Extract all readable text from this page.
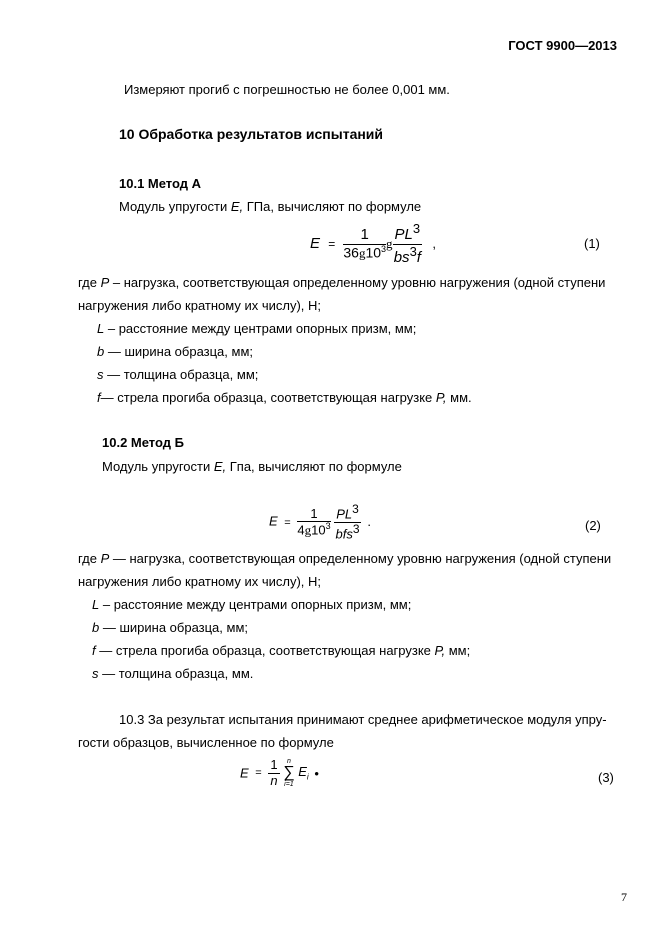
ГОСТ 9900—2013
Измеряют прогиб с погрешностью не более 0,001 мм.
10 Обработка результатов испытаний
10.1 Метод А
Модуль упругости E, ГПа, вычисляют по формуле
$E = \frac{1}{36g10^3}$ g $\frac{PL^3}{bs^3f}$ ,	(1)
где P – нагрузка, соответствующая определенному уровню нагружения (одной ступени
нагружения либо кратному их числу), Н;
L – расстояние между центрами опорных призм, мм;
b — ширина образца, мм;
s — толщина образца, мм;
f— стрела прогиба образца, соответствующая нагрузке P, мм.
10.2 Метод Б
Модуль упругости E, Гпа, вычисляют по формуле
$E = \frac{1}{4g10^3}$
$\frac{PL^3}{bfs^3}$ .	(2)
где P — нагрузка, соответствующая определенному уровню нагружения (одной ступени
нагружения либо кратному их числу), Н;
L – расстояние между центрами опорных призм, мм;
b — ширина образца, мм;
f — стрела прогиба образца, соответствующая нагрузке P, мм;
s — толщина образца, мм.
10.3 За результат испытания принимают среднее арифметическое модуля упру-
гости образцов, вычисленное по формуле
$E = \frac{1}{n}$
	n
∑
i=1
$E_i$ •	(3)
7
